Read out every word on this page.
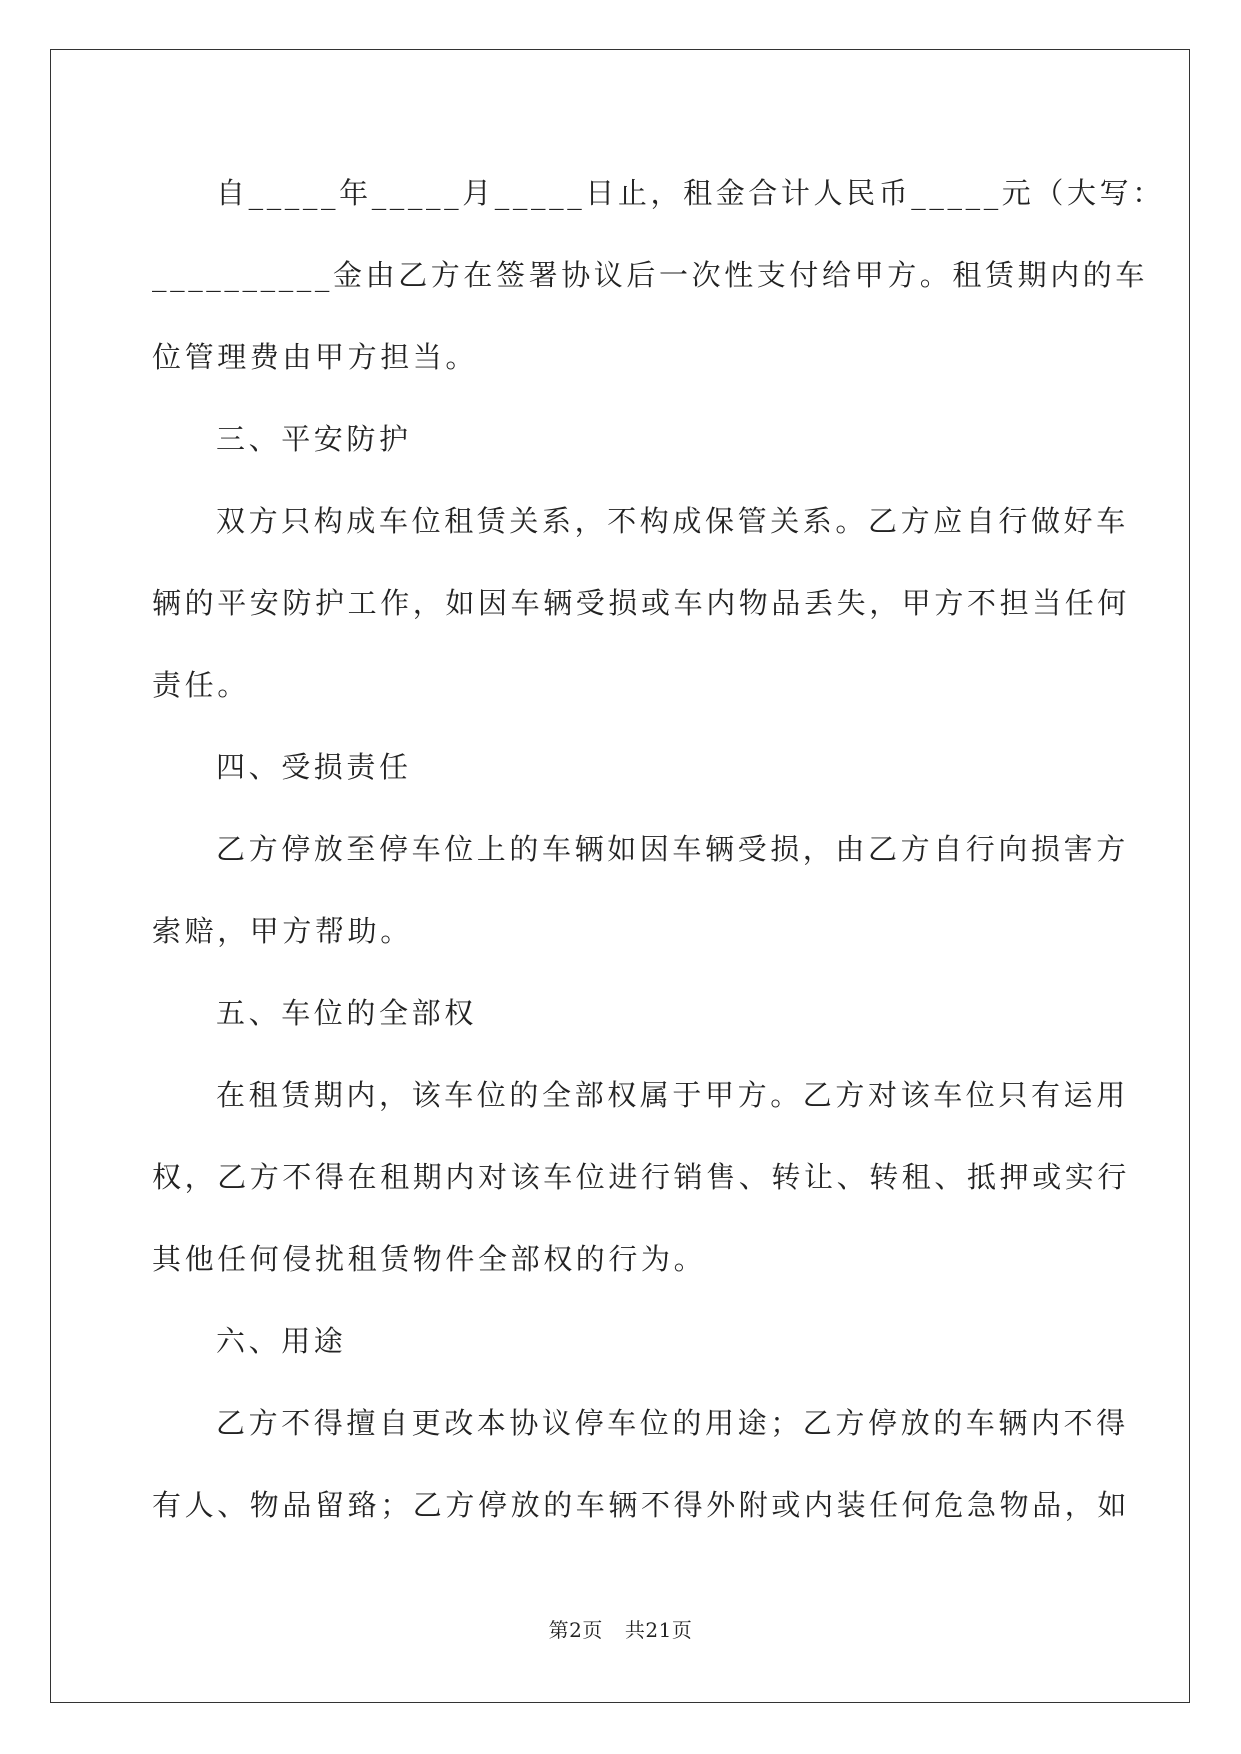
自_____年_____月_____日止，租金合计人民币_____元（大写：
__________金由乙方在签署协议后一次性支付给甲方。租赁期内的车
位管理费由甲方担当。
三、平安防护
双方只构成车位租赁关系，不构成保管关系。乙方应自行做好车
辆的平安防护工作，如因车辆受损或车内物品丢失，甲方不担当任何
责任。
四、受损责任
乙方停放至停车位上的车辆如因车辆受损，由乙方自行向损害方
索赔，甲方帮助。
五、车位的全部权
在租赁期内，该车位的全部权属于甲方。乙方对该车位只有运用
权，乙方不得在租期内对该车位进行销售、转让、转租、抵押或实行
其他任何侵扰租赁物件全部权的行为。
六、用途
乙方不得擅自更改本协议停车位的用途；乙方停放的车辆内不得
有人、物品留臵；乙方停放的车辆不得外附或内装任何危急物品，如
第2页 共21页
